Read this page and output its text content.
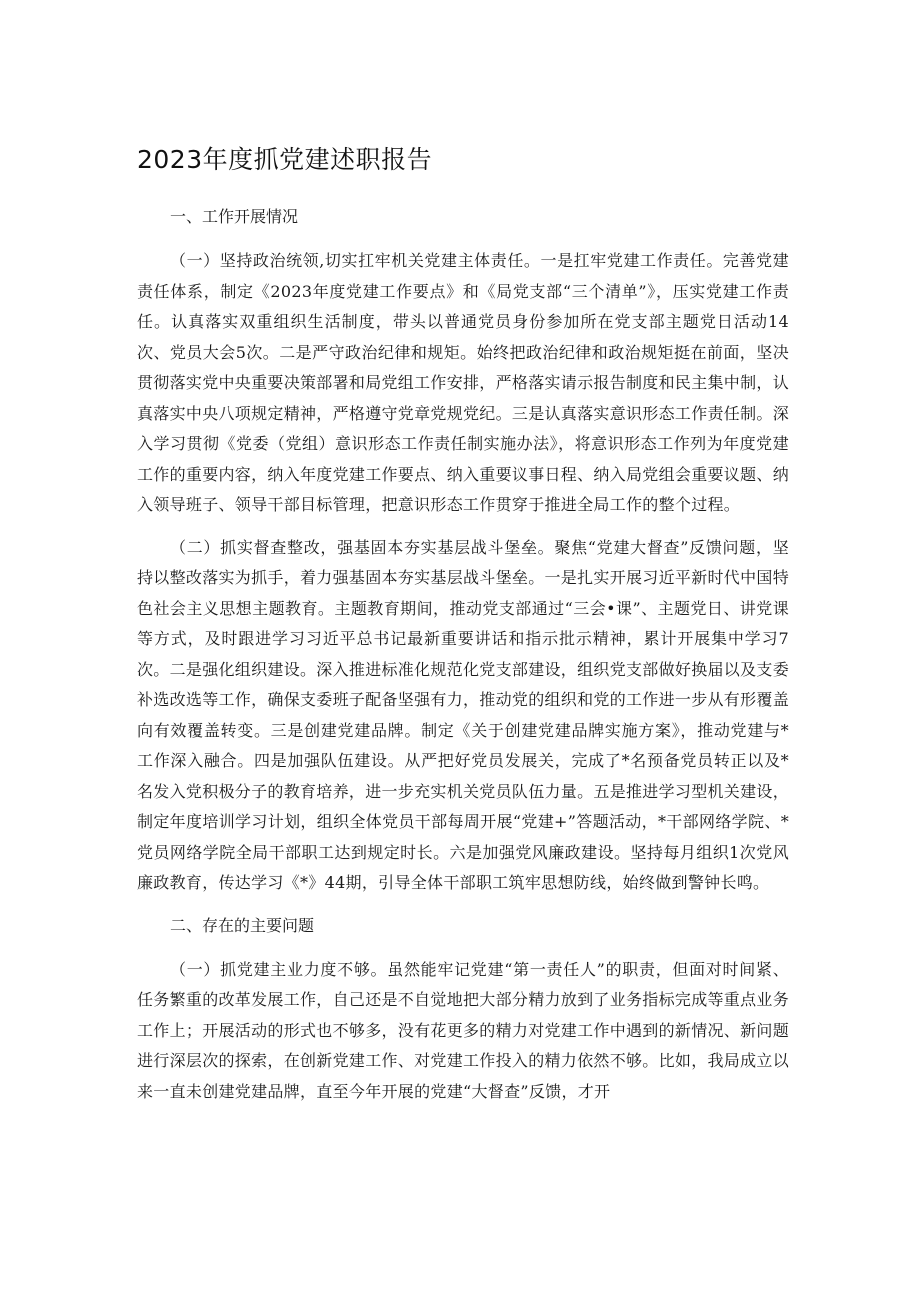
2023年度抓党建述职报告

一、工作开展情况

（一）坚持政治统领,切实扛牢机关党建主体责任。一是扛牢党建工作责任。完善党建责任体系，制定《2023年度党建工作要点》和《局党支部“三个清单”》，压实党建工作责任。认真落实双重组织生活制度，带头以普通党员身份参加所在党支部主题党日活动14次、党员大会5次。二是严守政治纪律和规矩。始终把政治纪律和政治规矩挺在前面，坚决贯彻落实党中央重要决策部署和局党组工作安排，严格落实请示报告制度和民主集中制，认真落实中央八项规定精神，严格遵守党章党规党纪。三是认真落实意识形态工作责任制。深入学习贯彻《党委（党组）意识形态工作责任制实施办法》，将意识形态工作列为年度党建工作的重要内容，纳入年度党建工作要点、纳入重要议事日程、纳入局党组会重要议题、纳入领导班子、领导干部目标管理，把意识形态工作贯穿于推进全局工作的整个过程。

（二）抓实督查整改，强基固本夯实基层战斗堡垒。聚焦“党建大督查”反馈问题，坚持以整改落实为抓手，着力强基固本夯实基层战斗堡垒。一是扎实开展习近平新时代中国特色社会主义思想主题教育。主题教育期间，推动党支部通过“三会•课”、主题党日、讲党课等方式，及时跟进学习习近平总书记最新重要讲话和指示批示精神，累计开展集中学习7次。二是强化组织建设。深入推进标准化规范化党支部建设，组织党支部做好换届以及支委补选改选等工作，确保支委班子配备坚强有力，推动党的组织和党的工作进一步从有形覆盖向有效覆盖转变。三是创建党建品牌。制定《关于创建党建品牌实施方案》，推动党建与*工作深入融合。四是加强队伍建设。从严把好党员发展关，完成了*名预备党员转正以及*名发入党积极分子的教育培养，进一步充实机关党员队伍力量。五是推进学习型机关建设，制定年度培训学习计划，组织全体党员干部每周开展“党建+”答题活动，*干部网络学院、*党员网络学院全局干部职工达到规定时长。六是加强党风廉政建设。坚持每月组织1次党风廉政教育，传达学习《*》44期，引导全体干部职工筑牢思想防线，始终做到警钟长鸣。

二、存在的主要问题

（一）抓党建主业力度不够。虽然能牢记党建“第一责任人”的职责，但面对时间紧、任务繁重的改革发展工作，自己还是不自觉地把大部分精力放到了业务指标完成等重点业务工作上；开展活动的形式也不够多，没有花更多的精力对党建工作中遇到的新情况、新问题进行深层次的探索，在创新党建工作、对党建工作投入的精力依然不够。比如，我局成立以来一直未创建党建品牌，直至今年开展的党建“大督查”反馈，才开
